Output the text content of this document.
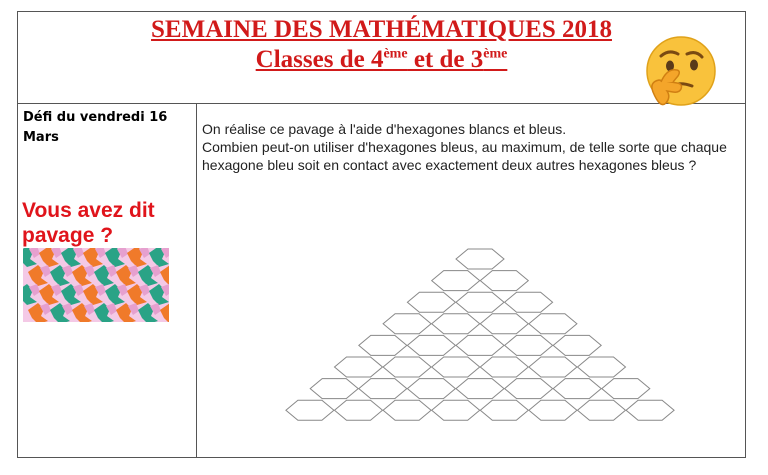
SEMAINE DES MATHÉMATIQUES 2018
Classes de 4ème et de 3ème
Défi du vendredi 16 Mars
Vous avez dit pavage ?

On réalise ce pavage à l'aide d'hexagones blancs et bleus.

Combien peut-on utiliser d'hexagones bleus, au maximum, de telle sorte que chaque hexagone bleu soit en contact avec exactement deux autres hexagones bleus ?
